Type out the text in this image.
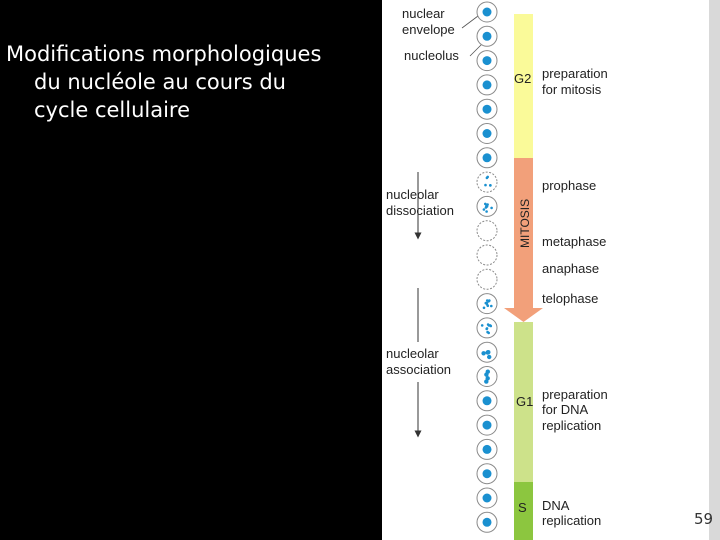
Modifications morphologiques
du nucléole au cours du
cycle cellulaire
G2
MITOSIS
G1
S
preparation
for mitosis
prophase
metaphase
anaphase
telophase
preparation
for DNA
replication
DNA
replication
nuclear
envelope
nucleolus
nucleolar
dissociation
nucleolar
association
59
